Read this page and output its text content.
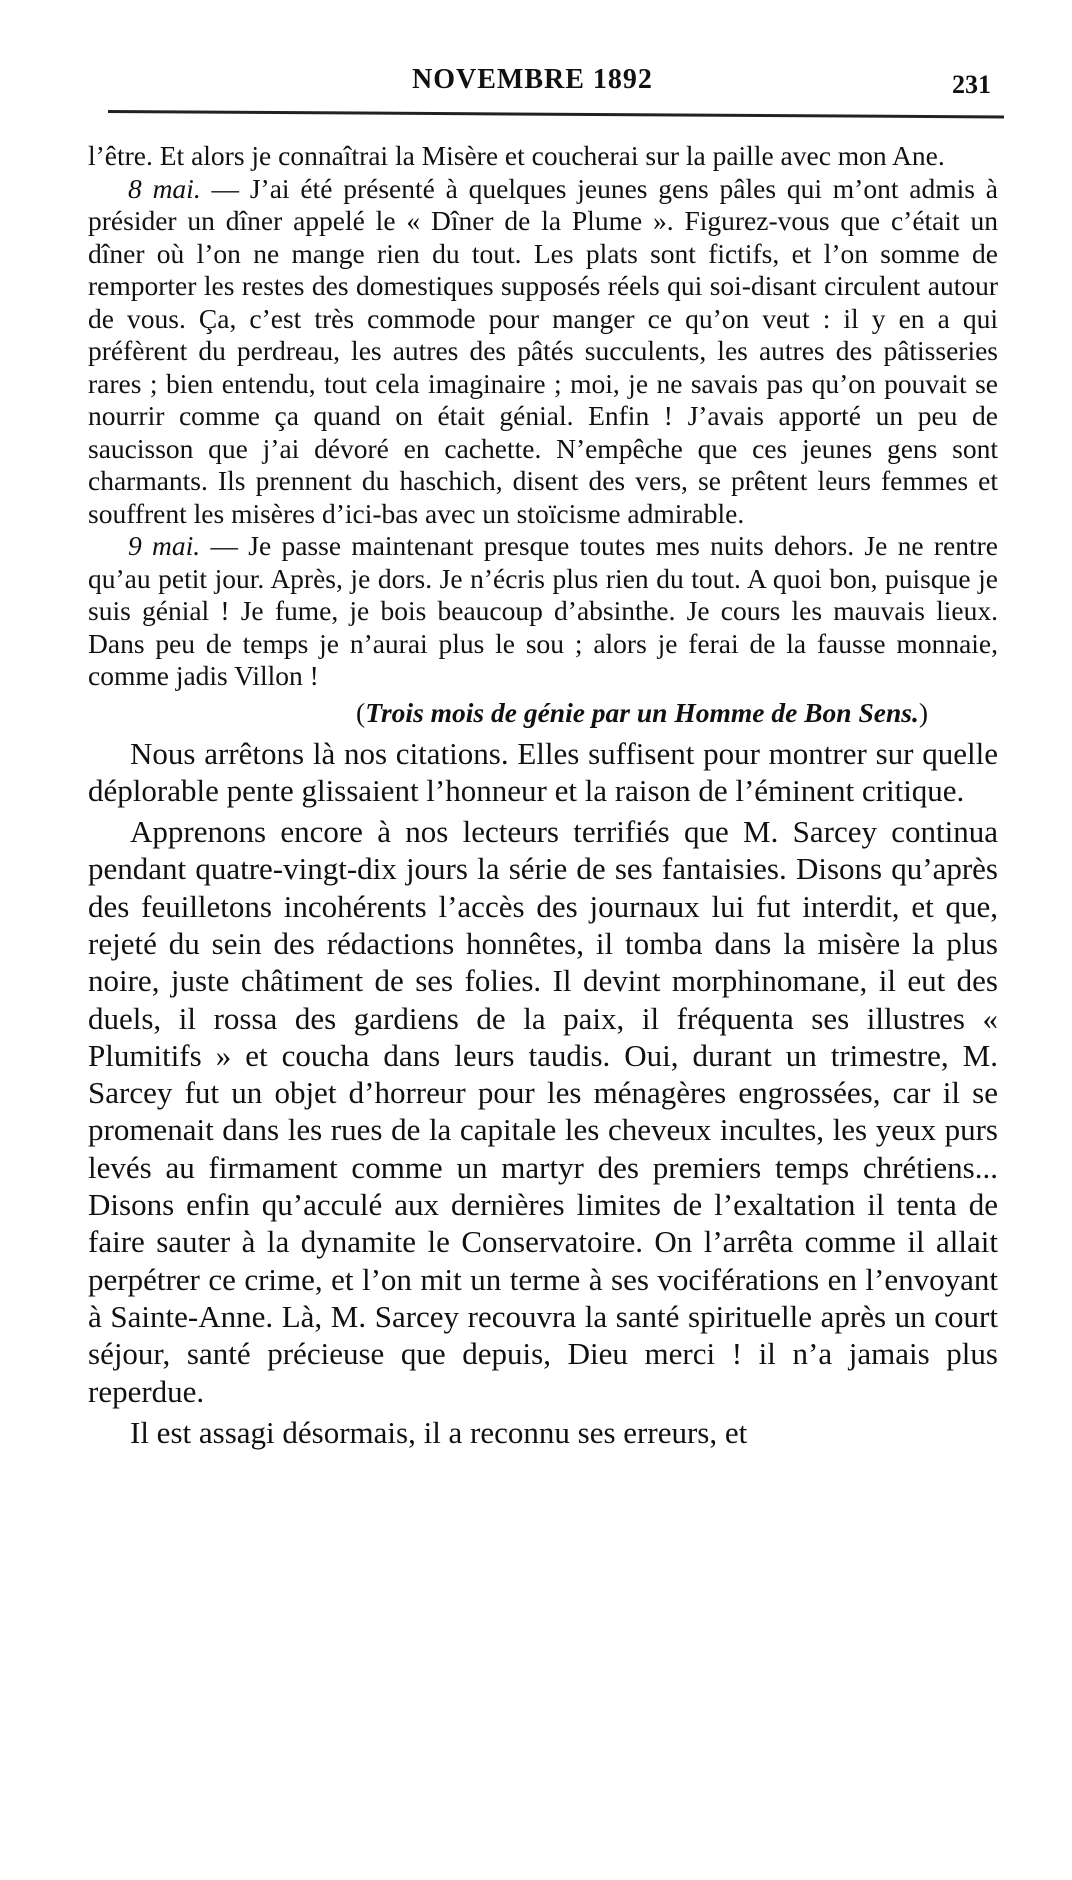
NOVEMBRE 1892	231

l’être. Et alors je connaîtrai la Misère et coucherai sur la paille avec mon Ane.

8 mai. — J’ai été présenté à quelques jeunes gens pâles qui m’ont admis à présider un dîner appelé le « Dîner de la Plume ». Figurez-vous que c’était un dîner où l’on ne mange rien du tout. Les plats sont fictifs, et l’on somme de remporter les restes des domestiques supposés réels qui soi-disant circulent autour de vous. Ça, c’est très commode pour manger ce qu’on veut : il y en a qui préfèrent du perdreau, les autres des pâtés succulents, les autres des pâtisseries rares ; bien entendu, tout cela imaginaire ; moi, je ne savais pas qu’on pouvait se nourrir comme ça quand on était génial. Enfin ! J’avais apporté un peu de saucisson que j’ai dévoré en cachette. N’empêche que ces jeunes gens sont charmants. Ils prennent du haschich, disent des vers, se prêtent leurs femmes et souffrent les misères d’ici-bas avec un stoïcisme admirable.

9 mai. — Je passe maintenant presque toutes mes nuits dehors. Je ne rentre qu’au petit jour. Après, je dors. Je n’écris plus rien du tout. A quoi bon, puisque je suis génial ! Je fume, je bois beaucoup d’absinthe. Je cours les mauvais lieux. Dans peu de temps je n’aurai plus le sou ; alors je ferai de la fausse monnaie, comme jadis Villon !

(Trois mois de génie par un Homme de Bon Sens.)

Nous arrêtons là nos citations. Elles suffisent pour montrer sur quelle déplorable pente glissaient l’honneur et la raison de l’éminent critique.

Apprenons encore à nos lecteurs terrifiés que M. Sarcey continua pendant quatre-vingt-dix jours la série de ses fantaisies. Disons qu’après des feuilletons incohérents l’accès des journaux lui fut interdit, et que, rejeté du sein des rédactions honnêtes, il tomba dans la misère la plus noire, juste châtiment de ses folies. Il devint morphinomane, il eut des duels, il rossa des gardiens de la paix, il fréquenta ses illustres « Plumitifs » et coucha dans leurs taudis. Oui, durant un trimestre, M. Sarcey fut un objet d’horreur pour les ménagères engrossées, car il se promenait dans les rues de la capitale les cheveux incultes, les yeux purs levés au firmament comme un martyr des premiers temps chrétiens... Disons enfin qu’acculé aux dernières limites de l’exaltation il tenta de faire sauter à la dynamite le Conservatoire. On l’arrêta comme il allait perpétrer ce crime, et l’on mit un terme à ses vociférations en l’envoyant à Sainte-Anne. Là, M. Sarcey recouvra la santé spirituelle après un court séjour, santé précieuse que depuis, Dieu merci ! il n’a jamais plus reperdue.

Il est assagi désormais, il a reconnu ses erreurs, et
